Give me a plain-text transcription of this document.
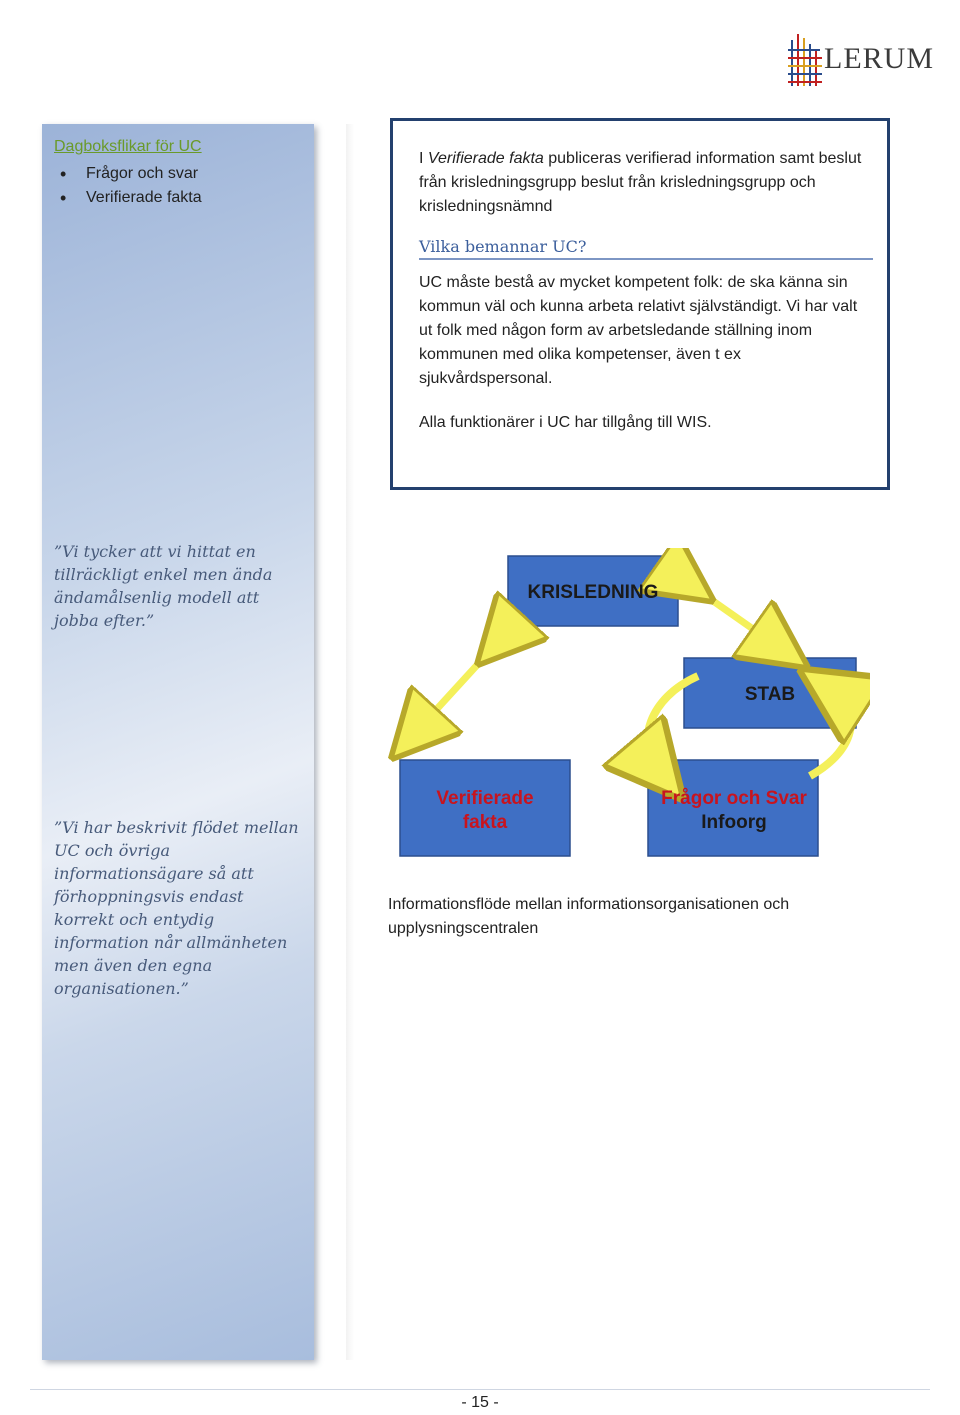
LERUM
Dagboksflikar för UC
• Frågor och svar
• Verifierade fakta
”Vi tycker att vi hittat en tillräckligt enkel men ända ändamålsenlig modell att jobba efter.”
”Vi har beskrivit flödet mellan UC och övriga informationsägare så att förhoppningsvis endast korrekt och entydig information når allmänheten men även den egna organisationen.”
I Verifierade fakta publiceras verifierad information samt beslut från krisledningsgrupp beslut från krisledningsgrupp och krisledningsnämnd
Vilka bemannar UC?
UC måste bestå av mycket kompetent folk: de ska känna sin kommun väl och kunna arbeta relativt självständigt. Vi har valt ut folk med någon form av arbetsledande ställning inom kommunen med olika kompetenser, även t ex sjukvårdspersonal.
Alla funktionärer i UC har tillgång till WIS.
KRISLEDNING
STAB
Verifierade
fakta
Frågor och Svar
Infoorg
Informationsflöde mellan informationsorganisationen och upplysningscentralen
- 15 -
